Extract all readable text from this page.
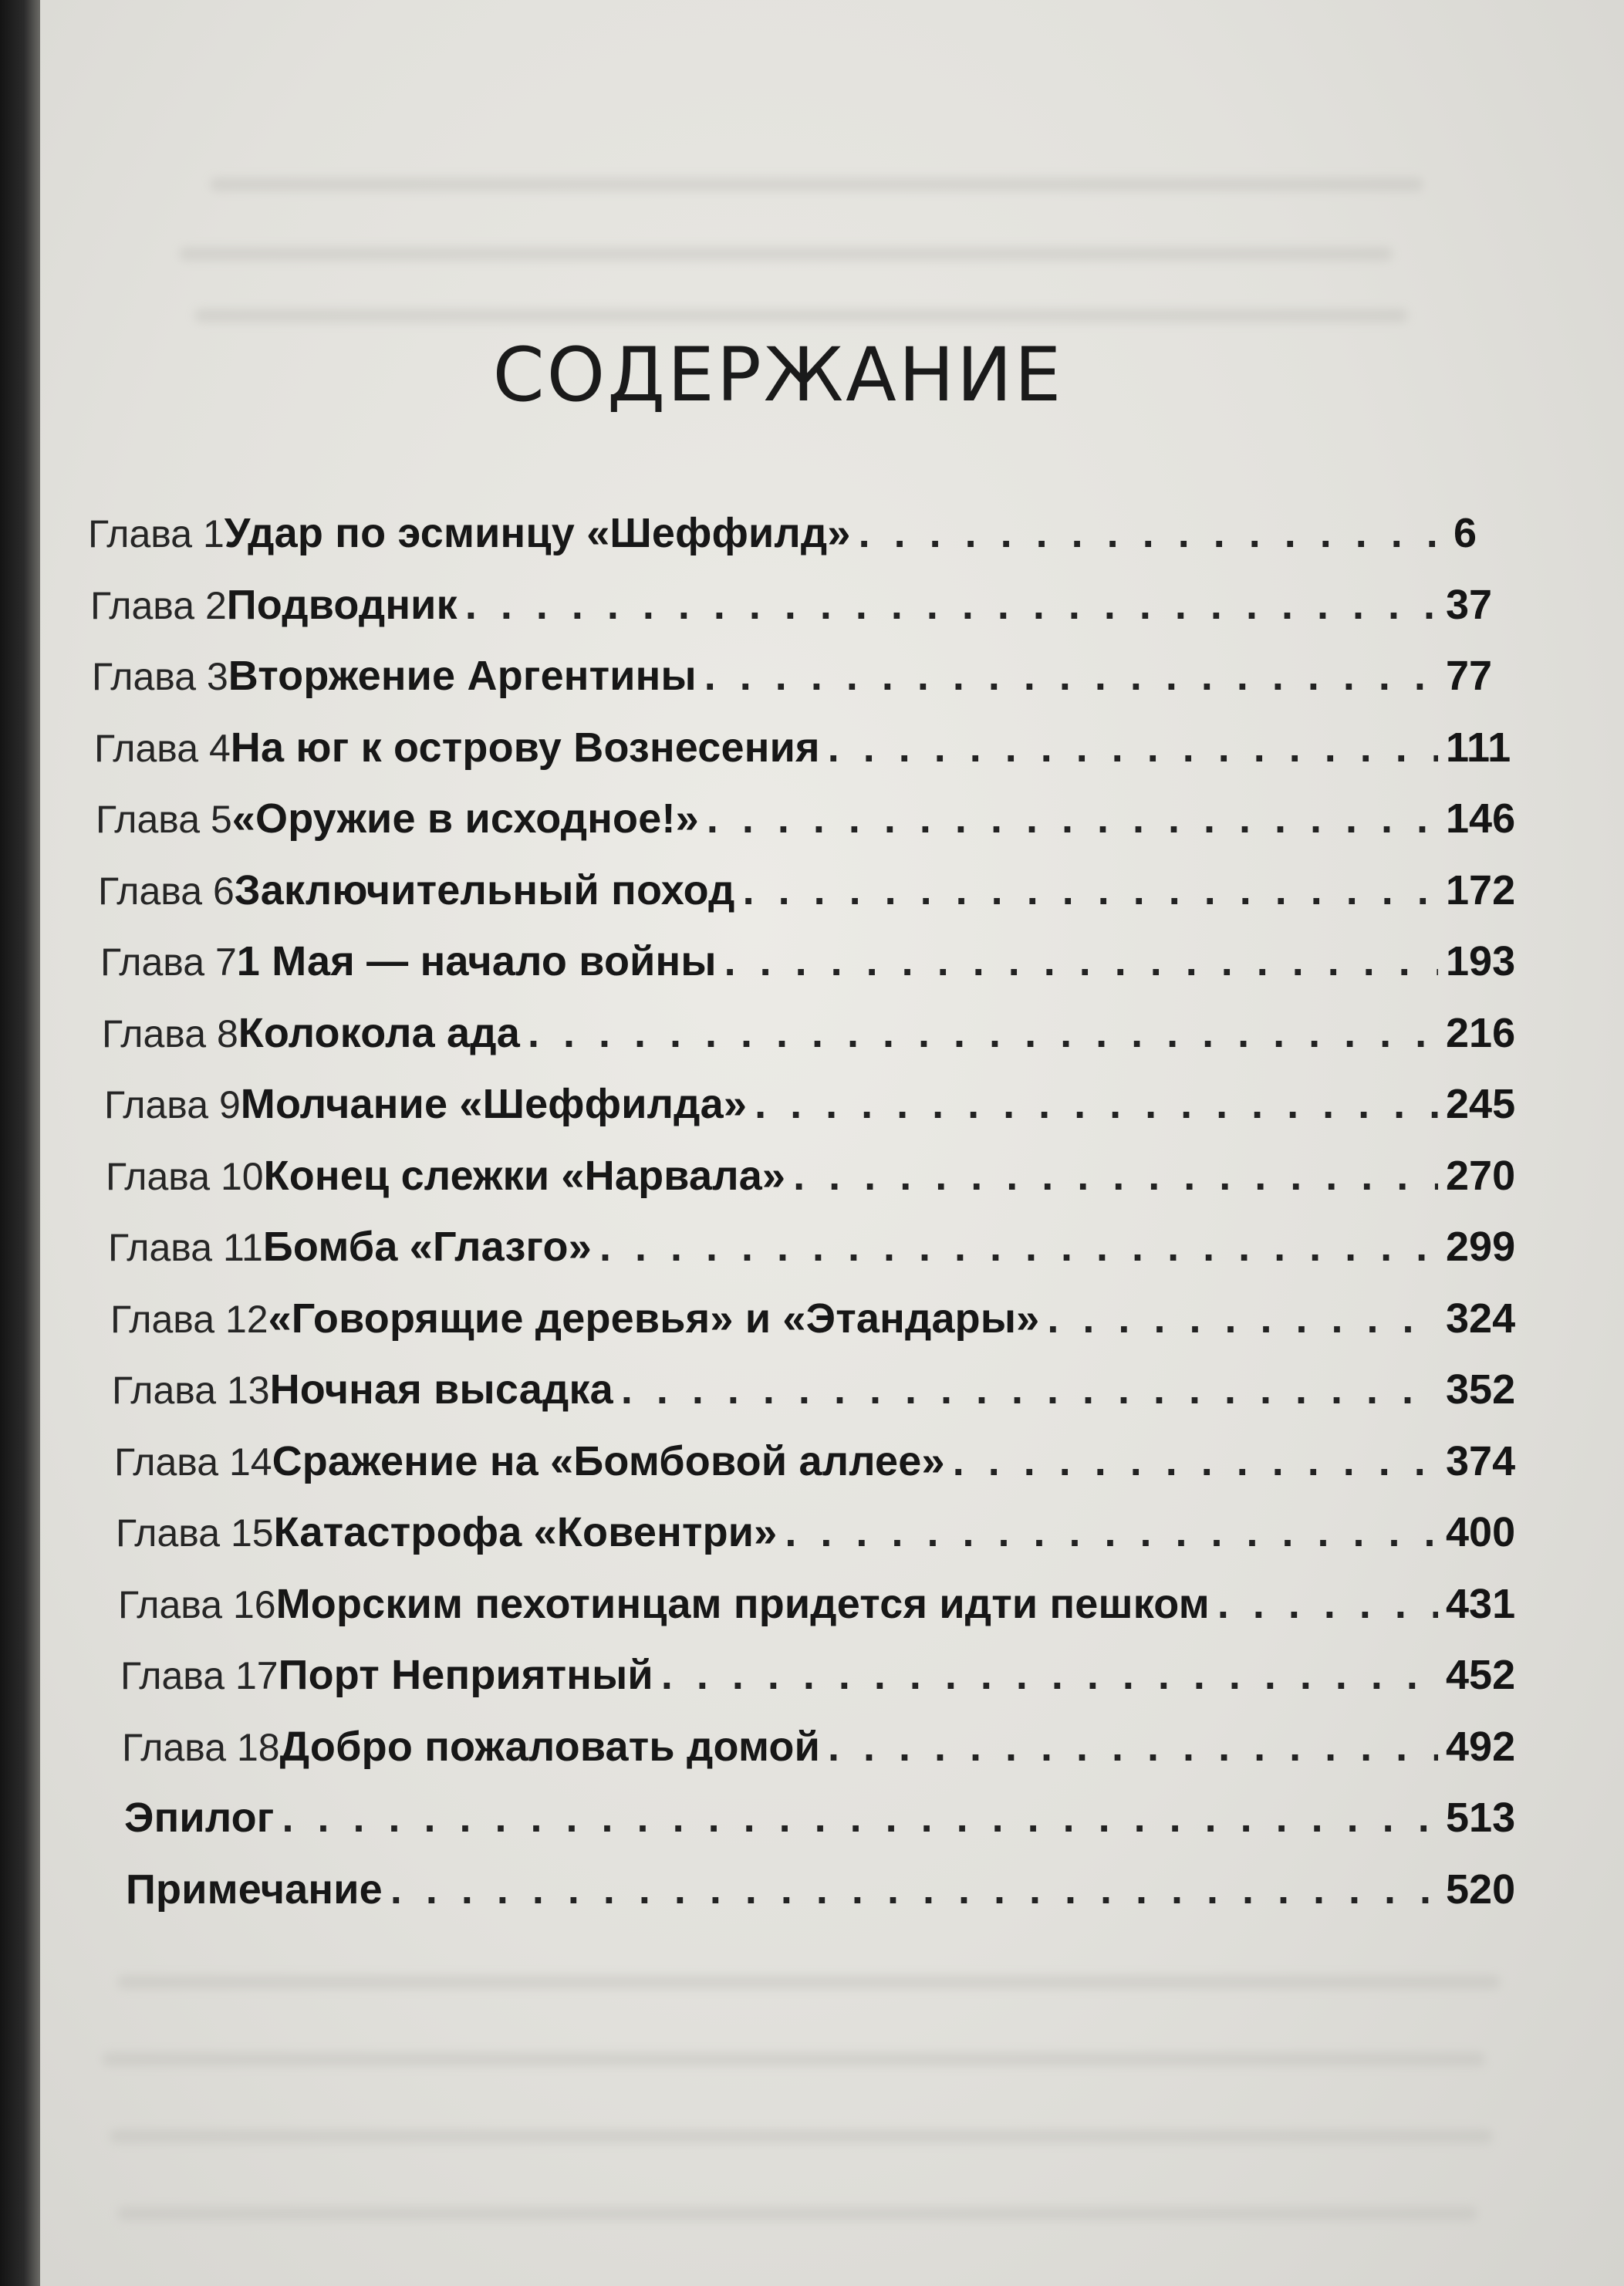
СОДЕРЖАНИЕ
Глава 1 Удар по эсминцу «Шеффилд» . . .	6
Глава 2 Подводник . . .	37
Глава 3 Вторжение Аргентины . . .	77
Глава 4 На юг к острову Вознесения . . .	111
Глава 5 «Оружие в исходное!» . . .	146
Глава 6 Заключительный поход . . .	172
Глава 7 1 Мая — начало войны . . .	193
Глава 8 Колокола ада . . .	216
Глава 9 Молчание «Шеффилда» . . .	245
Глава 10 Конец слежки «Нарвала» . . .	270
Глава 11 Бомба «Глазго» . . .	299
Глава 12 «Говорящие деревья» и «Этандары» . . .	324
Глава 13 Ночная высадка . . .	352
Глава 14 Сражение на «Бомбовой аллее» . . .	374
Глава 15 Катастрофа «Ковентри» . . .	400
Глава 16 Морским пехотинцам придется идти пешком . . .	431
Глава 17 Порт Неприятный . . .	452
Глава 18 Добро пожаловать домой . . .	492
Эпилог . . .	513
Примечание . . .	520
